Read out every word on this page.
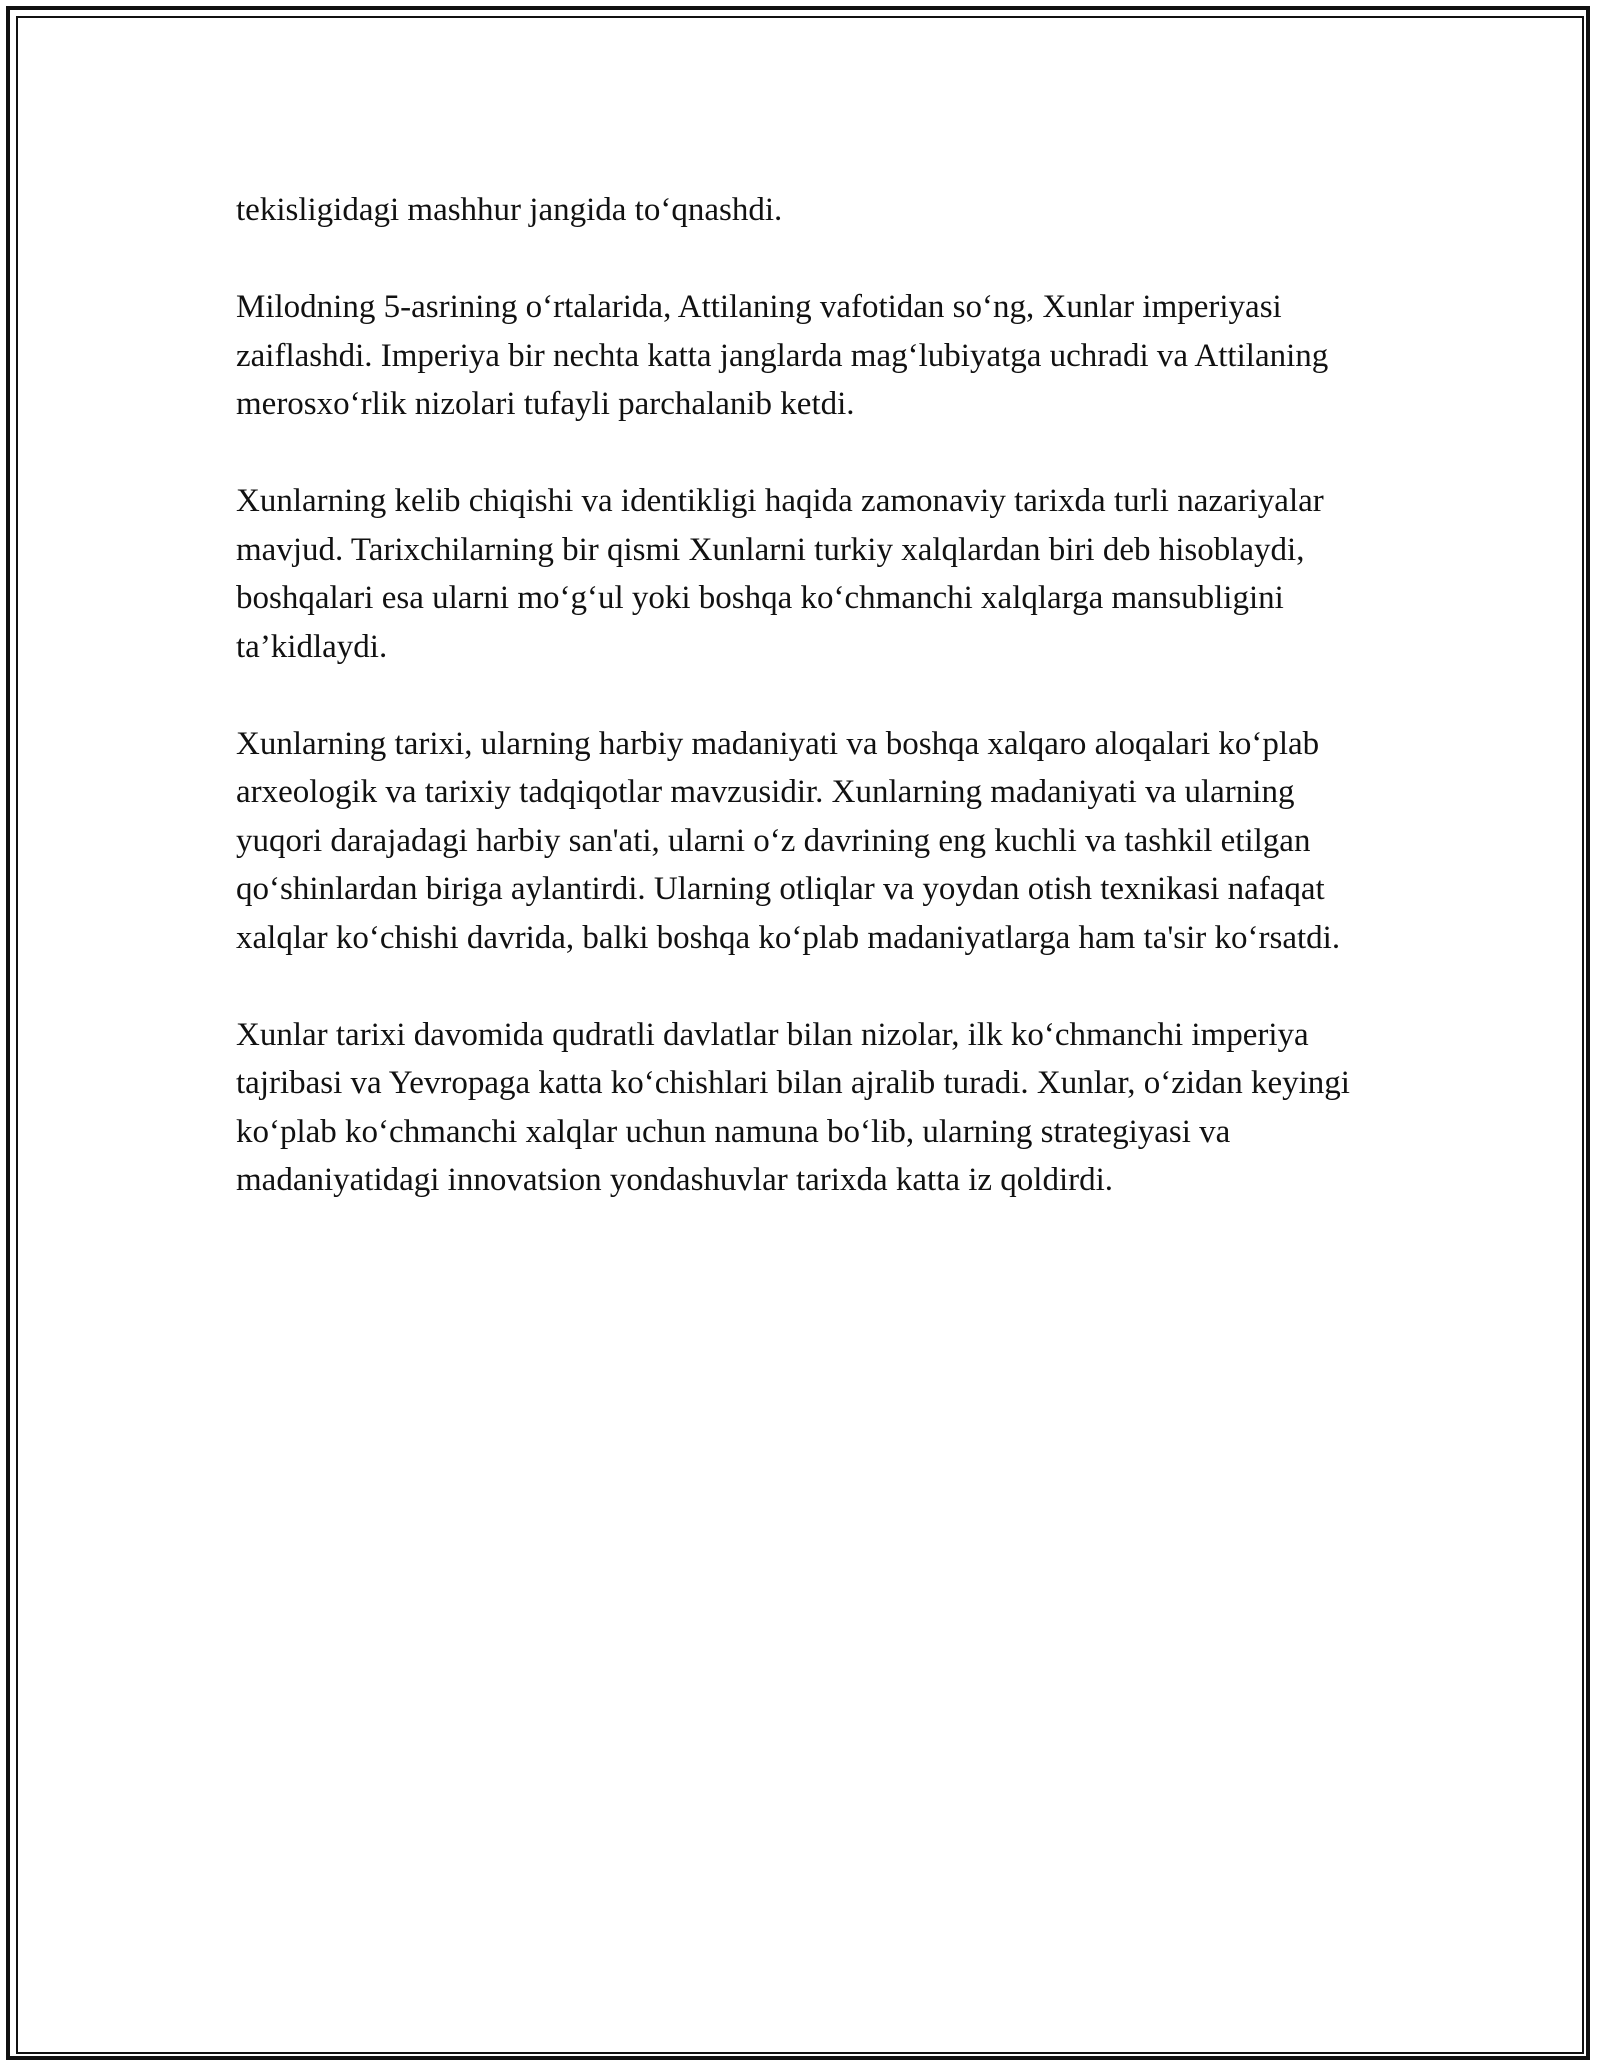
tekisligidagi mashhur jangida to‘qnashdi.

Milodning 5-asrining o‘rtalarida, Attilaning vafotidan so‘ng, Xunlar imperiyasi zaiflashdi. Imperiya bir nechta katta janglarda mag‘lubiyatga uchradi va Attilaning merosxo‘rlik nizolari tufayli parchalanib ketdi.

Xunlarning kelib chiqishi va identikligi haqida zamonaviy tarixda turli nazariyalar mavjud. Tarixchilarning bir qismi Xunlarni turkiy xalqlardan biri deb hisoblaydi, boshqalari esa ularni mo‘g‘ul yoki boshqa ko‘chmanchi xalqlarga mansubligini ta’kidlaydi.

Xunlarning tarixi, ularning harbiy madaniyati va boshqa xalqaro aloqalari ko‘plab arxeologik va tarixiy tadqiqotlar mavzusidir. Xunlarning madaniyati va ularning yuqori darajadagi harbiy san'ati, ularni o‘z davrining eng kuchli va tashkil etilgan qo‘shinlardan biriga aylantirdi. Ularning otliqlar va yoydan otish texnikasi nafaqat xalqlar ko‘chishi davrida, balki boshqa ko‘plab madaniyatlarga ham ta'sir ko‘rsatdi.

Xunlar tarixi davomida qudratli davlatlar bilan nizolar, ilk ko‘chmanchi imperiya tajribasi va Yevropaga katta ko‘chishlari bilan ajralib turadi. Xunlar, o‘zidan keyingi ko‘plab ko‘chmanchi xalqlar uchun namuna bo‘lib, ularning strategiyasi va madaniyatidagi innovatsion yondashuvlar tarixda katta iz qoldirdi.
